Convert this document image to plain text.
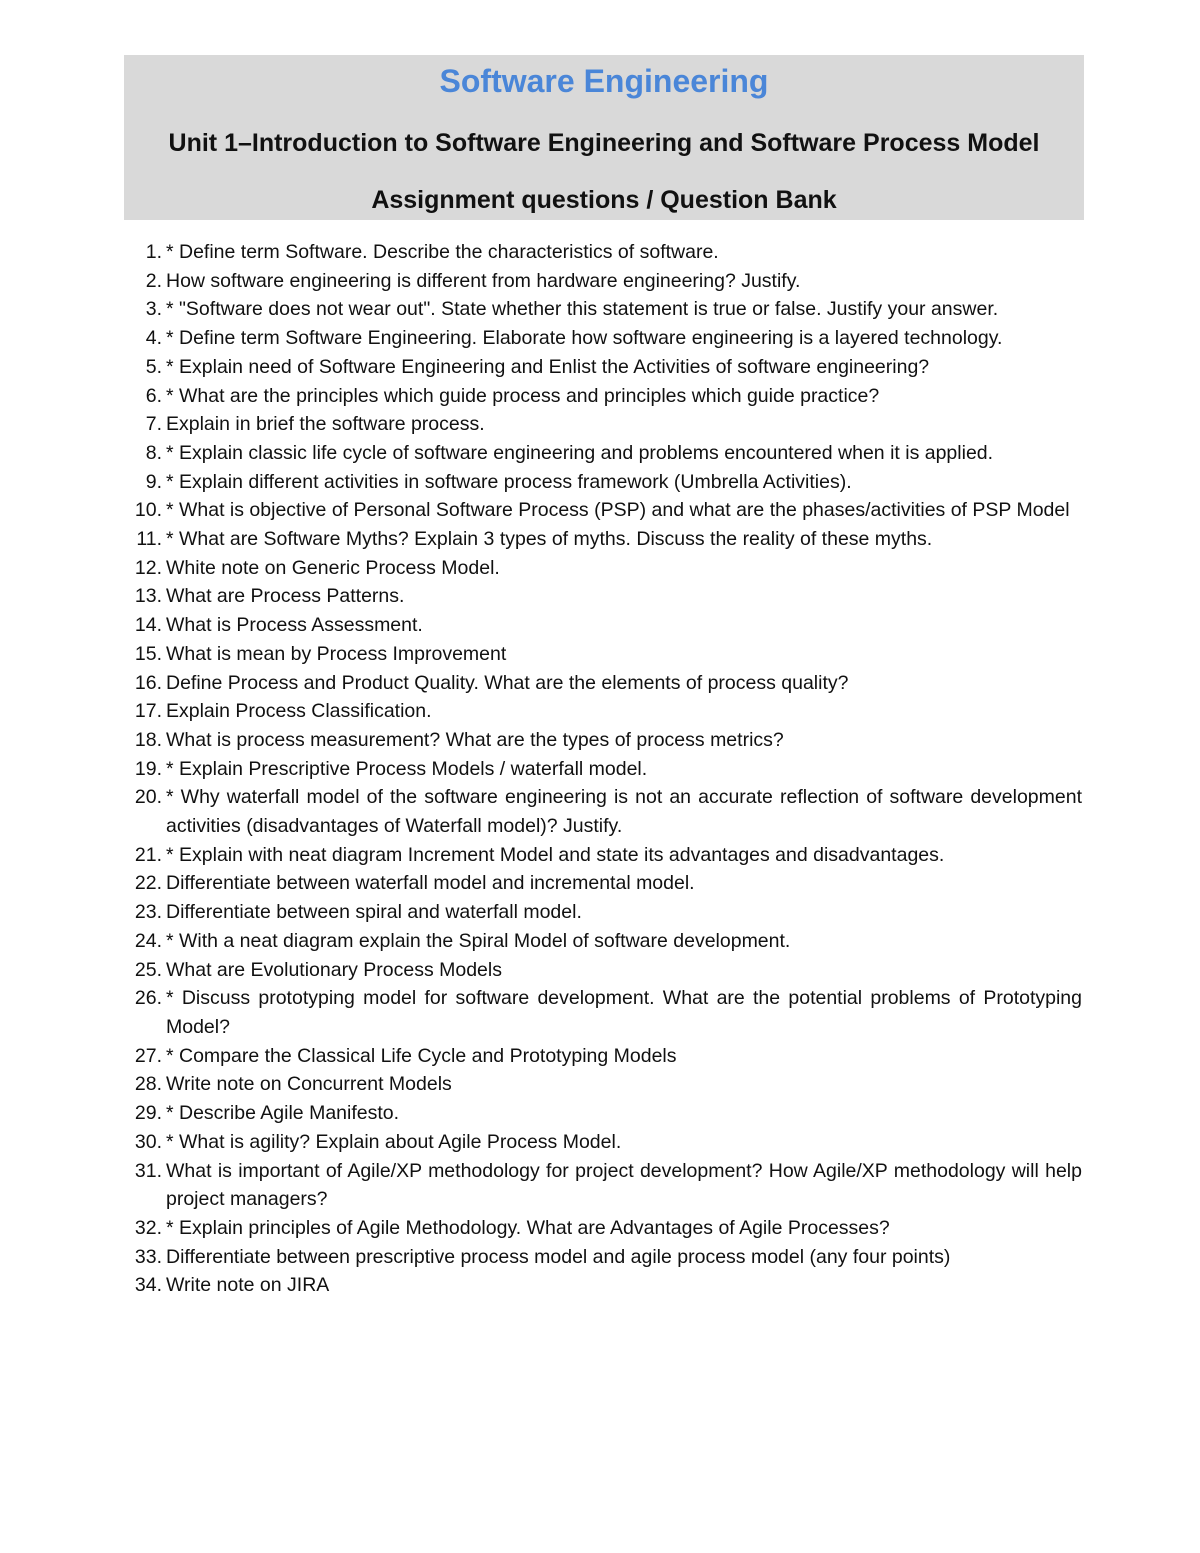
Software Engineering
Unit 1–Introduction to Software Engineering and Software Process Model
Assignment questions / Question Bank
1. * Define term Software. Describe the characteristics of software.
2. How software engineering is different from hardware engineering? Justify.
3. * "Software does not wear out". State whether this statement is true or false. Justify your answer.
4. * Define term Software Engineering. Elaborate how software engineering is a layered technology.
5. * Explain need of Software Engineering and Enlist the Activities of software engineering?
6. * What are the principles which guide process and principles which guide practice?
7. Explain in brief the software process.
8. * Explain classic life cycle of software engineering and problems encountered when it is applied.
9. * Explain different activities in software process framework (Umbrella Activities).
10. * What is objective of Personal Software Process (PSP) and what are the phases/activities of PSP Model
11. * What are Software Myths? Explain 3 types of myths. Discuss the reality of these myths.
12. White note on Generic Process Model.
13. What are Process Patterns.
14. What is Process Assessment.
15. What is mean by Process Improvement
16. Define Process and Product Quality. What are the elements of process quality?
17. Explain Process Classification.
18. What is process measurement? What are the types of process metrics?
19. * Explain Prescriptive Process Models / waterfall model.
20. * Why waterfall model of the software engineering is not an accurate reflection of software development activities (disadvantages of Waterfall model)? Justify.
21. * Explain with neat diagram Increment Model and state its advantages and disadvantages.
22. Differentiate between waterfall model and incremental model.
23. Differentiate between spiral and waterfall model.
24. * With a neat diagram explain the Spiral Model of software development.
25. What are Evolutionary Process Models
26. * Discuss prototyping model for software development. What are the potential problems of Prototyping Model?
27. * Compare the Classical Life Cycle and Prototyping Models
28. Write note on Concurrent Models
29. * Describe Agile Manifesto.
30. * What is agility? Explain about Agile Process Model.
31. What is important of Agile/XP methodology for project development? How Agile/XP methodology will help project managers?
32. * Explain principles of Agile Methodology. What are Advantages of Agile Processes?
33. Differentiate between prescriptive process model and agile process model (any four points)
34. Write note on JIRA
